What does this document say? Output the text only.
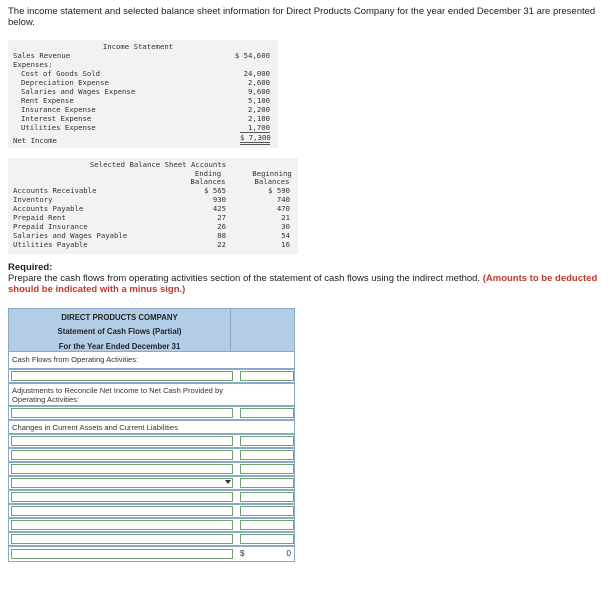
The income statement and selected balance sheet information for Direct Products Company for the year ended December 31 are presented below.
Income Statement
Sales Revenue	$ 54,600
Expenses:
Cost of Goods Sold	24,000
Depreciation Expense	2,600
Salaries and Wages Expense	9,600
Rent Expense	5,100
Insurance Expense	2,200
Interest Expense	2,100
Utilities Expense	1,700
Net Income	$ 7,300
Selected Balance Sheet Accounts
Ending
Balances
Beginning
Balances
Accounts Receivable	$ 565	$ 590
Inventory	930	740
Accounts Payable	425	470
Prepaid Rent	27	21
Prepaid Insurance	26	30
Salaries and Wages Payable	88	54
Utilities Payable	22	16
Required:
Prepare the cash flows from operating activities section of the statement of cash flows using the indirect method. (Amounts to be deducted should be indicated with a minus sign.)
DIRECT PRODUCTS COMPANY
Statement of Cash Flows (Partial)
For the Year Ended December 31
Cash Flows from Operating Activities:
Adjustments to Reconcile Net Income to Net Cash Provided by Operating Activities:
Changes in Current Assets and Current Liabilities
$	0
